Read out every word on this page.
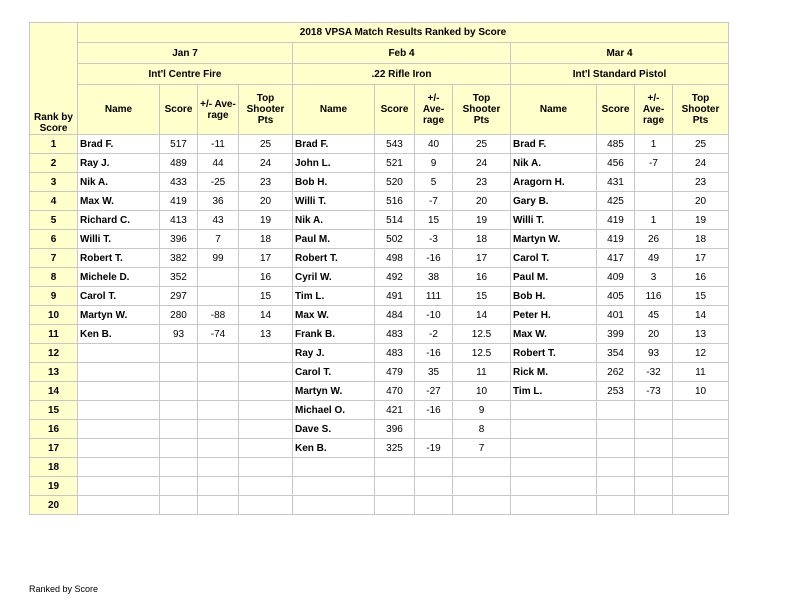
Rank by Score	2018 VPSA Match Results Ranked by Score											
	Jan 7				Feb 4				Mar 4			
	Int'l Centre Fire				.22 Rifle Iron				Int'l Standard Pistol			
	Name	Score	+/- Ave-rage	Top Shooter Pts	Name	Score	+/- Ave-rage	Top Shooter Pts	Name	Score	+/- Ave-rage	Top Shooter Pts
1	Brad F.	517	-11	25	Brad F.	543	40	25	Brad F.	485	1	25
2	Ray J.	489	44	24	John L.	521	9	24	Nik A.	456	-7	24
3	Nik A.	433	-25	23	Bob H.	520	5	23	Aragorn H.	431		23
4	Max W.	419	36	20	Willi T.	516	-7	20	Gary B.	425		20
5	Richard C.	413	43	19	Nik A.	514	15	19	Willi T.	419	1	19
6	Willi T.	396	7	18	Paul M.	502	-3	18	Martyn W.	419	26	18
7	Robert T.	382	99	17	Robert T.	498	-16	17	Carol T.	417	49	17
8	Michele D.	352		16	Cyril W.	492	38	16	Paul M.	409	3	16
9	Carol T.	297		15	Tim L.	491	111	15	Bob H.	405	116	15
10	Martyn W.	280	-88	14	Max W.	484	-10	14	Peter H.	401	45	14
11	Ken B.	93	-74	13	Frank B.	483	-2	12.5	Max W.	399	20	13
12					Ray J.	483	-16	12.5	Robert T.	354	93	12
13					Carol T.	479	35	11	Rick M.	262	-32	11
14					Martyn W.	470	-27	10	Tim L.	253	-73	10
15					Michael O.	421	-16	9				
16					Dave S.	396		8				
17					Ken B.	325	-19	7				
18												
19												
20												
Ranked by Score
